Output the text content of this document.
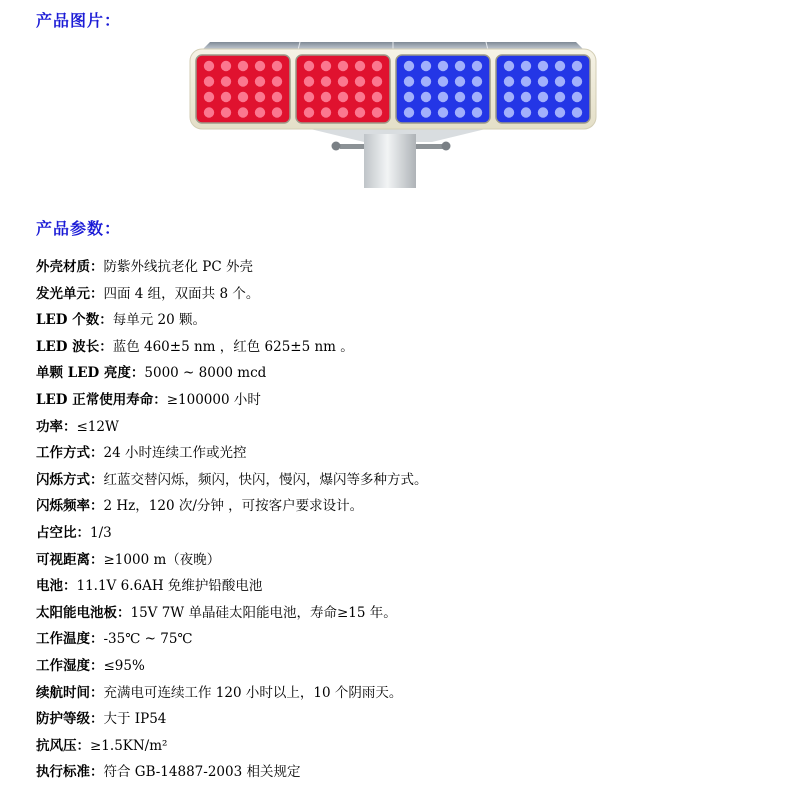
产品图片：
产品参数：
外壳材质：防紫外线抗老化 PC 外壳
发光单元：四面 4 组，双面共 8 个。
LED 个数：每单元 20 颗。
LED 波长：蓝色 460±5 nm ，红色 625±5 nm 。
单颗 LED 亮度：5000 ~ 8000 mcd
LED 正常使用寿命：≥100000 小时
功率：≤12W
工作方式：24 小时连续工作或光控
闪烁方式：红蓝交替闪烁，频闪，快闪，慢闪，爆闪等多种方式。
闪烁频率：2 Hz，120 次/分钟 ，可按客户要求设计。
占空比：1/3
可视距离：≥1000 m（夜晚）
电池：11.1V 6.6AH 免维护铅酸电池
太阳能电池板：15V 7W 单晶硅太阳能电池，寿命≥15 年。
工作温度：-35℃ ~ 75℃
工作湿度：≤95%
续航时间：充满电可连续工作 120 小时以上，10 个阴雨天。
防护等级：大于 IP54
抗风压：≥1.5KN/m²
执行标准：符合 GB-14887-2003 相关规定
